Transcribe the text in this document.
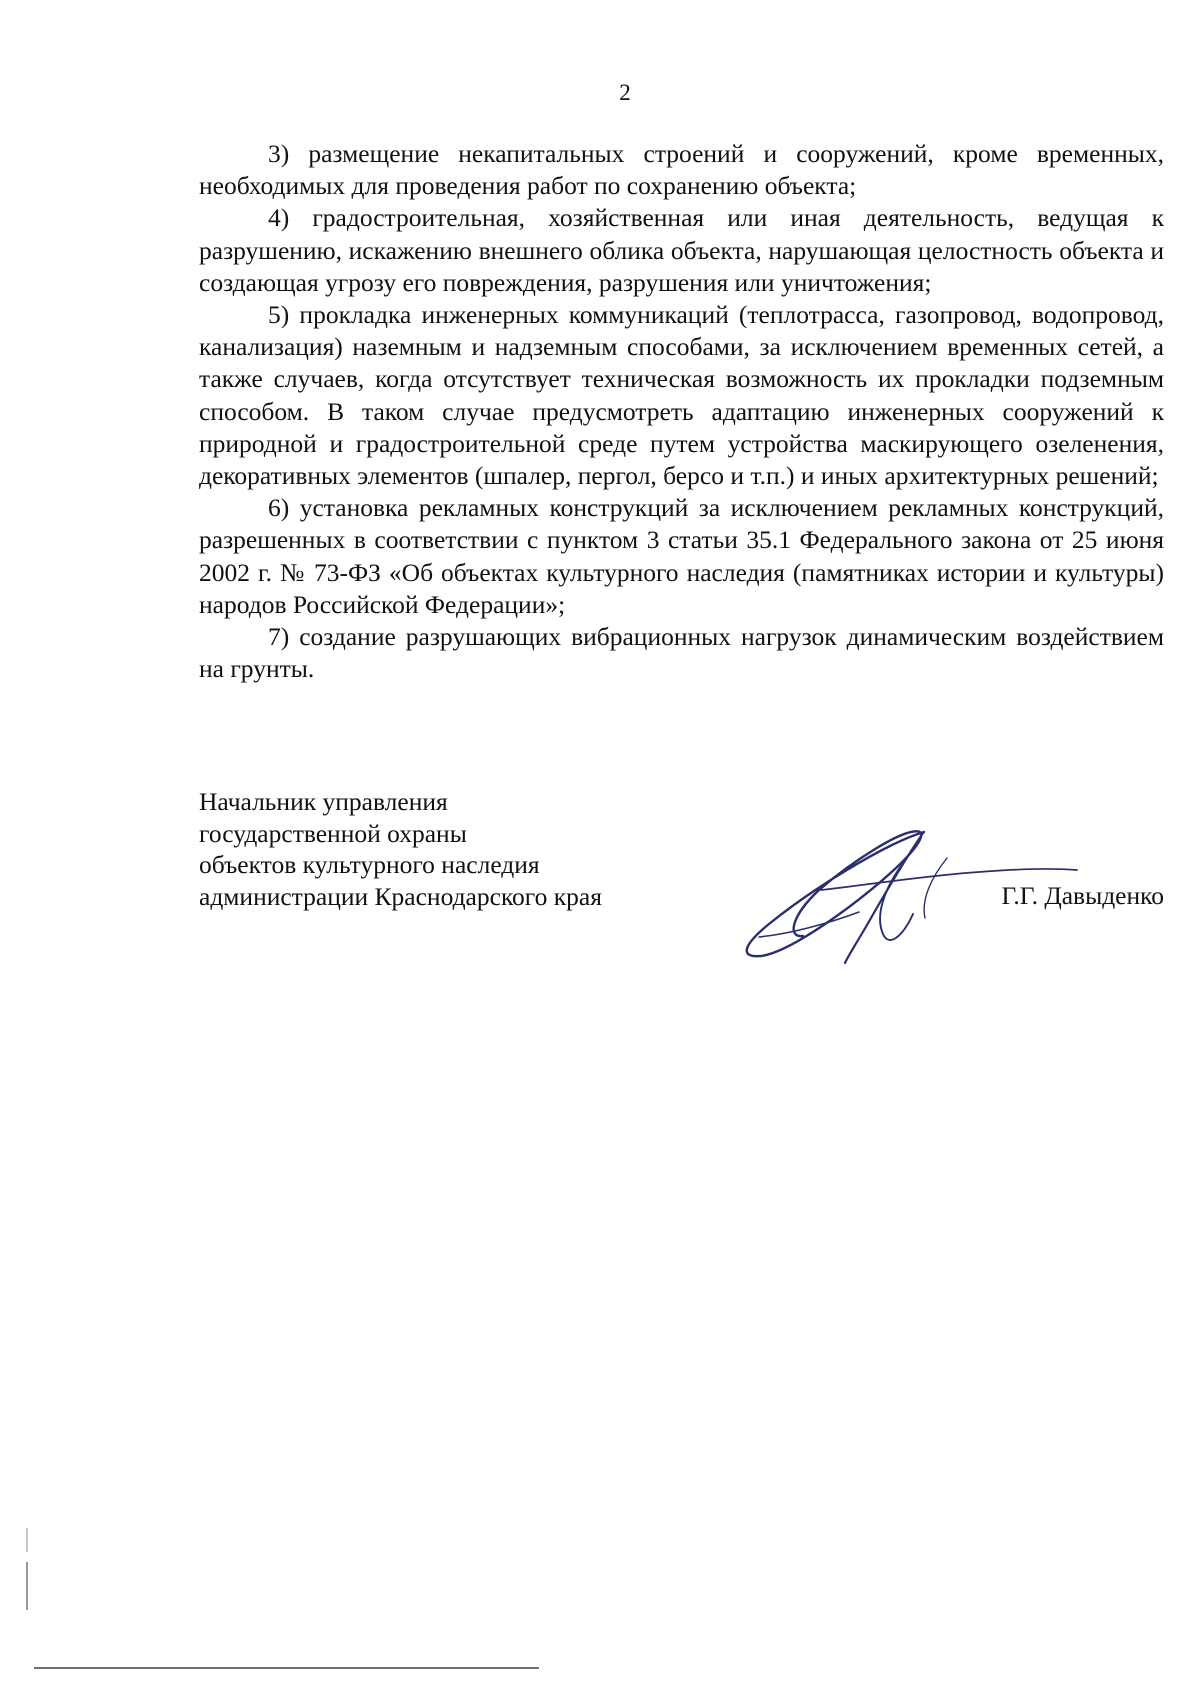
2

3) размещение некапитальных строений и сооружений, кроме временных, необходимых для проведения работ по сохранению объекта;

4) градостроительная, хозяйственная или иная деятельность, ведущая к разрушению, искажению внешнего облика объекта, нарушающая целостность объекта и создающая угрозу его повреждения, разрушения или уничтожения;

5) прокладка инженерных коммуникаций (теплотрасса, газопровод, водопровод, канализация) наземным и надземным способами, за исключением временных сетей, а также случаев, когда отсутствует техническая возможность их прокладки подземным способом. В таком случае предусмотреть адаптацию инженерных сооружений к природной и градостроительной среде путем устройства маскирующего озеленения, декоративных элементов (шпалер, пергол, берсо и т.п.) и иных архитектурных решений;

6) установка рекламных конструкций за исключением рекламных конструкций, разрешенных в соответствии с пунктом 3 статьи 35.1 Федерального закона от 25 июня 2002 г. № 73-ФЗ «Об объектах культурного наследия (памятниках истории и культуры) народов Российской Федерации»;

7) создание разрушающих вибрационных нагрузок динамическим воздействием на грунты.

Начальник управления
государственной охраны
объектов культурного наследия
администрации Краснодарского края	Г.Г. Давыденко
